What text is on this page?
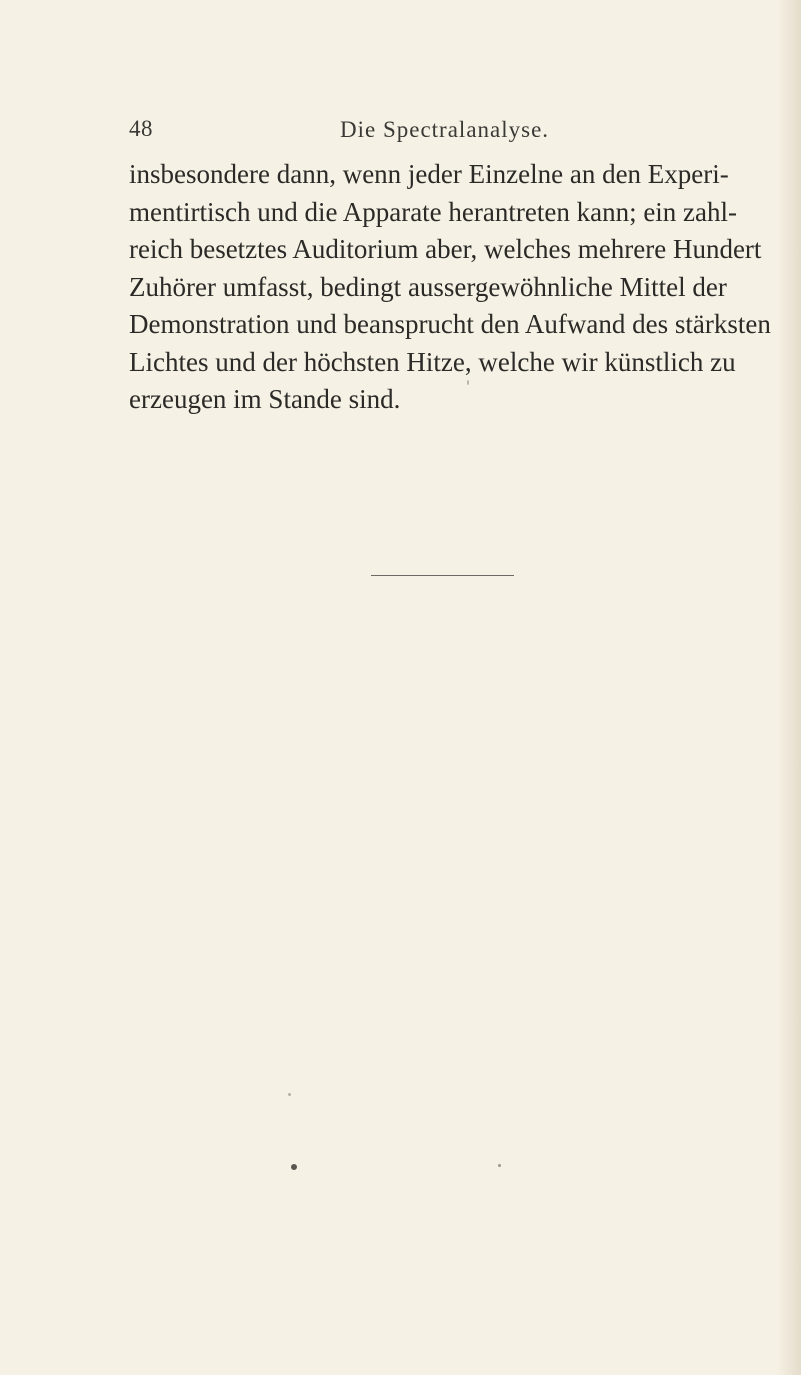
48	Die Spectralanalyse.

insbesondere dann, wenn jeder Einzelne an den Experi-
mentirtisch und die Apparate herantreten kann; ein zahl-
reich besetztes Auditorium aber, welches mehrere Hundert
Zuhörer umfasst, bedingt aussergewöhnliche Mittel der
Demonstration und beansprucht den Aufwand des stärksten
Lichtes und der höchsten Hitze, welche wir künstlich zu
erzeugen im Stande sind.
